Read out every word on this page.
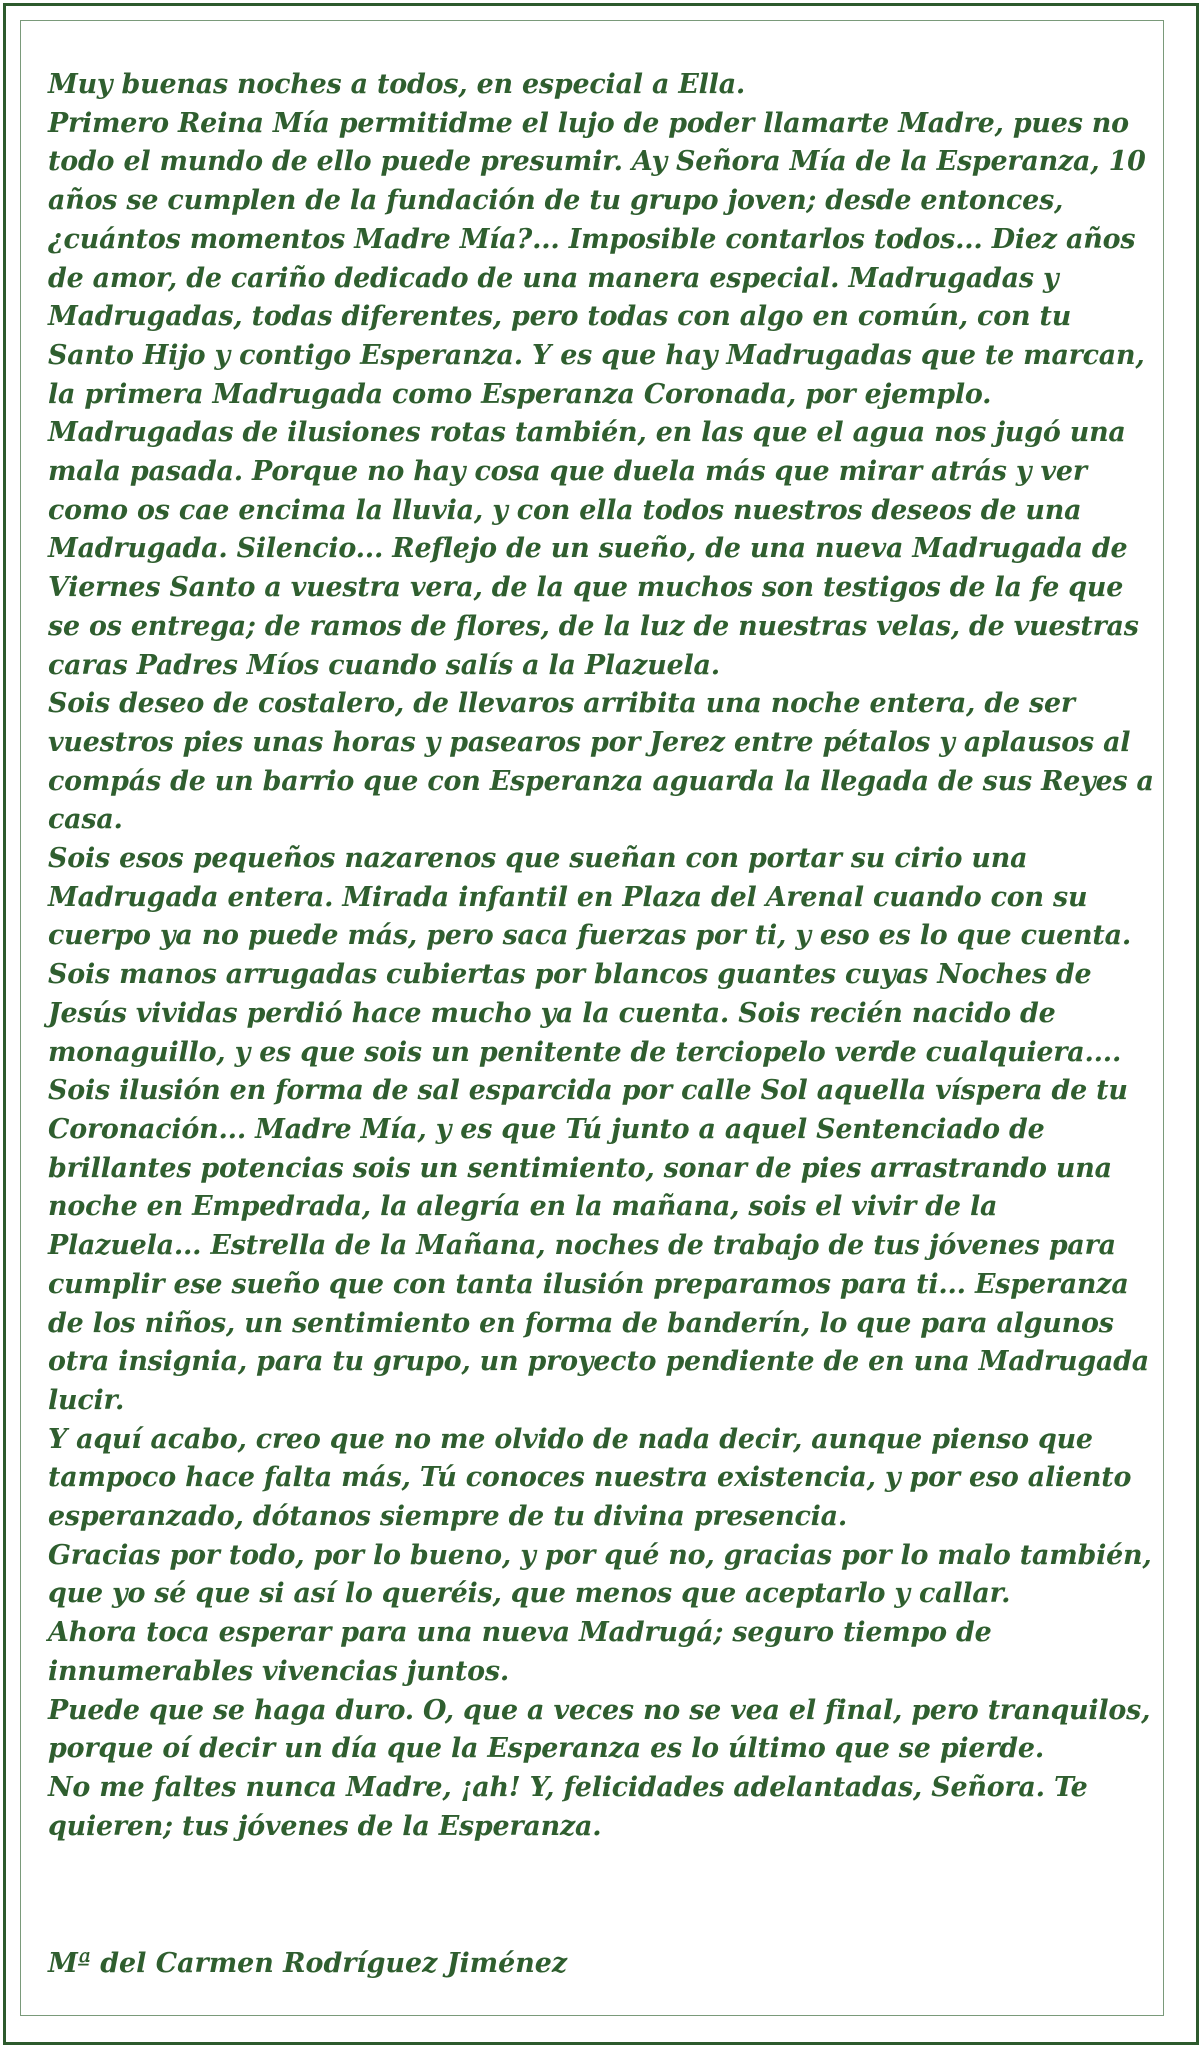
Muy buenas noches a todos, en especial a Ella.

Primero Reina Mía permitidme el lujo de poder llamarte Madre, pues no todo el mundo de ello puede presumir. Ay Señora Mía de la Esperanza, 10 años se cumplen de la fundación de tu grupo joven; desde entonces, ¿cuántos momentos Madre Mía?... Imposible contarlos todos... Diez años de amor, de cariño dedicado de una manera especial. Madrugadas y Madrugadas, todas diferentes, pero todas con algo en común, con tu Santo Hijo y contigo Esperanza. Y es que hay Madrugadas que te marcan, la primera Madrugada como Esperanza Coronada, por ejemplo. Madrugadas de ilusiones rotas también, en las que el agua nos jugó una mala pasada. Porque no hay cosa que duela más que mirar atrás y ver como os cae encima la lluvia, y con ella todos nuestros deseos de una Madrugada. Silencio... Reflejo de un sueño, de una nueva Madrugada de Viernes Santo a vuestra vera, de la que muchos son testigos de la fe que se os entrega; de ramos de flores, de la luz de nuestras velas, de vuestras caras Padres Míos cuando salís a la Plazuela.

Sois deseo de costalero, de llevaros arribita una noche entera, de ser vuestros pies unas horas y pasearos por Jerez entre pétalos y aplausos al compás de un barrio que con Esperanza aguarda la llegada de sus Reyes a casa.

Sois esos pequeños nazarenos que sueñan con portar su cirio una Madrugada entera. Mirada infantil en Plaza del Arenal cuando con su cuerpo ya no puede más, pero saca fuerzas por ti, y eso es lo que cuenta. Sois manos arrugadas cubiertas por blancos guantes cuyas Noches de Jesús vividas perdió hace mucho ya la cuenta. Sois recién nacido de monaguillo, y es que sois un penitente de terciopelo verde cualquiera....

Sois ilusión en forma de sal esparcida por calle Sol aquella víspera de tu Coronación... Madre Mía, y es que Tú junto a aquel Sentenciado de brillantes potencias sois un sentimiento, sonar de pies arrastrando una noche en Empedrada, la alegría en la mañana, sois el vivir de la Plazuela... Estrella de la Mañana, noches de trabajo de tus jóvenes para cumplir ese sueño que con tanta ilusión preparamos para ti... Esperanza de los niños, un sentimiento en forma de banderín, lo que para algunos otra insignia, para tu grupo, un proyecto pendiente de en una Madrugada lucir.

Y aquí acabo, creo que no me olvido de nada decir, aunque pienso que tampoco hace falta más, Tú conoces nuestra existencia, y por eso aliento esperanzado, dótanos siempre de tu divina presencia.

Gracias por todo, por lo bueno, y por qué no, gracias por lo malo también, que yo sé que si así lo queréis, que menos que aceptarlo y callar.

Ahora toca esperar para una nueva Madrugá; seguro tiempo de innumerables vivencias juntos.

Puede que se haga duro. O, que a veces no se vea el final, pero tranquilos, porque oí decir un día que la Esperanza es lo último que se pierde.

No me faltes nunca Madre, ¡ah! Y, felicidades adelantadas, Señora. Te quieren; tus jóvenes de la Esperanza.

Mª del Carmen Rodríguez Jiménez
